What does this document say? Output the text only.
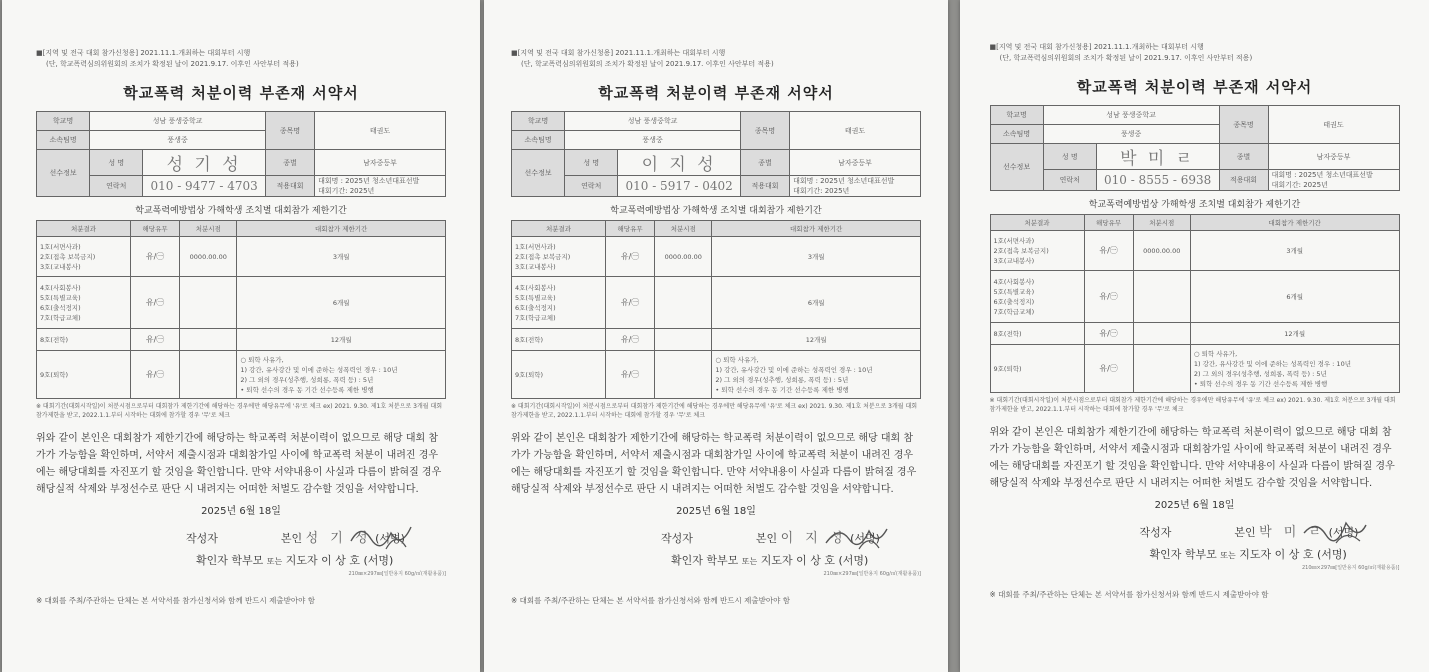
■[지역 및 전국 대회 참가신청용] 2021.11.1.개최하는 대회부터 시행
(단, 학교폭력심의위원회의 조치가 확정된 날이 2021.9.17. 이후인 사안부터 적용)
학교폭력 처분이력 부존재 서약서
학교명	성남 풍생중학교		종목명	태권도
소속팀명	풍생중			
선수정보	성 명	성 기 성	종별	남자중등부
	연락처	010 - 9477 - 4703	적용대회	대회명 : 2025년 청소년대표선발
대회기간: 2025년
학교폭력예방법상 가해학생 조치별 대회참가 제한기간
처분결과	해당유무	처분시점	대회참가 제한기간
1호(서면사과)
2호(접촉 보복금지)
3호(교내봉사)	유/㊀	0000.00.00	3개월
4호(사회봉사)
5호(특별교육)
6호(출석정지)
7호(학급교체)	유/㊀		6개월
8호(전학)	유/㊀		12개월
9호(퇴학)	유/㊀		○ 퇴학 사유가,
1) 강간, 유사강간 및 이에 준하는 성폭력인 경우 : 10년
2) 그 외의 경우(성추행, 성희롱, 폭력 등) : 5년
• 퇴학 선수의 경우 동 기간 선수등록 제한 병행
※ 대회기간(대회시작일)이 처분시점으로부터 대회참가 제한기간에 해당하는 경우에만 해당유무에 '유'로 체크 ex) 2021. 9.30. 제1호 처분으로 3개월 대회 참가제한을 받고, 2022.1.1.부터 시작하는 대회에 참가할 경우 '무'로 체크
위와 같이 본인은 대회참가 제한기간에 해당하는 학교폭력 처분이력이 없으므로 해당 대회 참가가 가능함을 확인하며, 서약서 제출시점과 대회참가일 사이에 학교폭력 처분이 내려진 경우에는 해당대회를 자진포기 할 것임을 확인합니다. 만약 서약내용이 사실과 다름이 밝혀질 경우 해당실적 삭제와 부정선수로 판단 시 내려지는 어떠한 처벌도 감수할 것임을 서약합니다.
2025년 6월 18일
작성자	본인 성 기 성 (서명)
확인자 학부모 또는 지도자 이 상 호 (서명)
210㎜×297㎜[일반용지 60g/㎡(재활용품)]
※ 대회를 주최/주관하는 단체는 본 서약서를 참가신청서와 함께 반드시 제출받아야 함
■[지역 및 전국 대회 참가신청용] 2021.11.1.개최하는 대회부터 시행
(단, 학교폭력심의위원회의 조치가 확정된 날이 2021.9.17. 이후인 사안부터 적용)
학교폭력 처분이력 부존재 서약서
학교명	성남 풍생중학교		종목명	태권도
소속팀명	풍생중			
선수정보	성 명	이 지 성	종별	남자중등부
	연락처	010 - 5917 - 0402	적용대회	대회명 : 2025년 청소년대표선발
대회기간: 2025년
학교폭력예방법상 가해학생 조치별 대회참가 제한기간
처분결과	해당유무	처분시점	대회참가 제한기간
1호(서면사과)
2호(접촉 보복금지)
3호(교내봉사)	유/㊀	0000.00.00	3개월
4호(사회봉사)
5호(특별교육)
6호(출석정지)
7호(학급교체)	유/㊀		6개월
8호(전학)	유/㊀		12개월
9호(퇴학)	유/㊀		○ 퇴학 사유가,
1) 강간, 유사강간 및 이에 준하는 성폭력인 경우 : 10년
2) 그 외의 경우(성추행, 성희롱, 폭력 등) : 5년
• 퇴학 선수의 경우 동 기간 선수등록 제한 병행
※ 대회기간(대회시작일)이 처분시점으로부터 대회참가 제한기간에 해당하는 경우에만 해당유무에 '유'로 체크 ex) 2021. 9.30. 제1호 처분으로 3개월 대회 참가제한을 받고, 2022.1.1.부터 시작하는 대회에 참가할 경우 '무'로 체크
위와 같이 본인은 대회참가 제한기간에 해당하는 학교폭력 처분이력이 없으므로 해당 대회 참가가 가능함을 확인하며, 서약서 제출시점과 대회참가일 사이에 학교폭력 처분이 내려진 경우에는 해당대회를 자진포기 할 것임을 확인합니다. 만약 서약내용이 사실과 다름이 밝혀질 경우 해당실적 삭제와 부정선수로 판단 시 내려지는 어떠한 처벌도 감수할 것임을 서약합니다.
2025년 6월 18일
작성자	본인 이 지 성 (서명)
확인자 학부모 또는 지도자 이 상 호 (서명)
210㎜×297㎜[일반용지 60g/㎡(재활용품)]
※ 대회를 주최/주관하는 단체는 본 서약서를 참가신청서와 함께 반드시 제출받아야 함
■[지역 및 전국 대회 참가신청용] 2021.11.1.개최하는 대회부터 시행
(단, 학교폭력심의위원회의 조치가 확정된 날이 2021.9.17. 이후인 사안부터 적용)
학교폭력 처분이력 부존재 서약서
학교명	성남 풍생중학교		종목명	태권도
소속팀명	풍생중			
선수정보	성 명	박 미 ㄹ	종별	남자중등부
	연락처	010 - 8555 - 6938	적용대회	대회명 : 2025년 청소년대표선발
대회기간: 2025년
학교폭력예방법상 가해학생 조치별 대회참가 제한기간
처분결과	해당유무	처분시점	대회참가 제한기간
1호(서면사과)
2호(접촉 보복금지)
3호(교내봉사)	유/㊀	0000.00.00	3개월
4호(사회봉사)
5호(특별교육)
6호(출석정지)
7호(학급교체)	유/㊀		6개월
8호(전학)	유/㊀		12개월
9호(퇴학)	유/㊀		○ 퇴학 사유가,
1) 강간, 유사강간 및 이에 준하는 성폭력인 경우 : 10년
2) 그 외의 경우(성추행, 성희롱, 폭력 등) : 5년
• 퇴학 선수의 경우 동 기간 선수등록 제한 병행
※ 대회기간(대회시작일)이 처분시점으로부터 대회참가 제한기간에 해당하는 경우에만 해당유무에 '유'로 체크 ex) 2021. 9.30. 제1호 처분으로 3개월 대회 참가제한을 받고, 2022.1.1.부터 시작하는 대회에 참가할 경우 '무'로 체크
위와 같이 본인은 대회참가 제한기간에 해당하는 학교폭력 처분이력이 없으므로 해당 대회 참가가 가능함을 확인하며, 서약서 제출시점과 대회참가일 사이에 학교폭력 처분이 내려진 경우에는 해당대회를 자진포기 할 것임을 확인합니다. 만약 서약내용이 사실과 다름이 밝혀질 경우 해당실적 삭제와 부정선수로 판단 시 내려지는 어떠한 처벌도 감수할 것임을 서약합니다.
2025년 6월 18일
작성자	본인 박 미 ㄹ (서명)
확인자 학부모 또는 지도자 이 상 호 (서명)
210㎜×297㎜[일반용지 60g/㎡(재활용품)]
※ 대회를 주최/주관하는 단체는 본 서약서를 참가신청서와 함께 반드시 제출받아야 함
